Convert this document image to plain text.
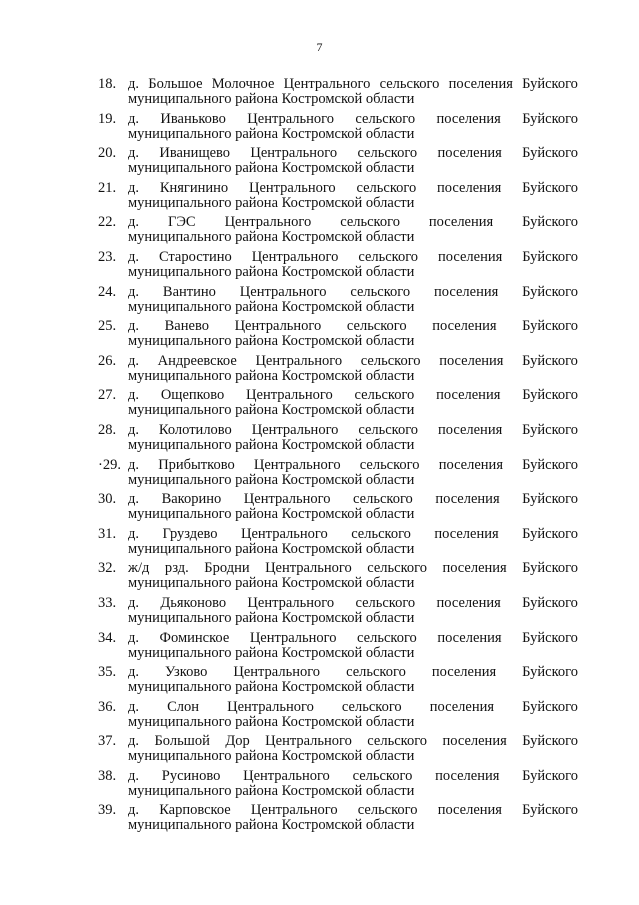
7
18. д. Большое Молочное Центрального сельского поселения Буйского
муниципального района Костромской области
19. д. Иваньково Центрального сельского поселения Буйского
муниципального района Костромской области
20. д. Иванищево Центрального сельского поселения Буйского
муниципального района Костромской области
21. д. Княгинино Центрального сельского поселения Буйского
муниципального района Костромской области
22. д. ГЭС Центрального сельского поселения Буйского
муниципального района Костромской области
23. д. Старостино Центрального сельского поселения Буйского
муниципального района Костромской области
24. д. Вантино Центрального сельского поселения Буйского
муниципального района Костромской области
25. д. Ванево Центрального сельского поселения Буйского
муниципального района Костромской области
26. д. Андреевское Центрального сельского поселения Буйского
муниципального района Костромской области
27. д. Ощепково Центрального сельского поселения Буйского
муниципального района Костромской области
28. д. Колотилово Центрального сельского поселения Буйского
муниципального района Костромской области
·29. д. Прибытково Центрального сельского поселения Буйского
муниципального района Костромской области
30. д. Вакорино Центрального сельского поселения Буйского
муниципального района Костромской области
31. д. Груздево Центрального сельского поселения Буйского
муниципального района Костромской области
32. ж/д рзд. Бродни Центрального сельского поселения Буйского
муниципального района Костромской области
33. д. Дьяконово Центрального сельского поселения Буйского
муниципального района Костромской области
34. д. Фоминское Центрального сельского поселения Буйского
муниципального района Костромской области
35. д. Узково Центрального сельского поселения Буйского
муниципального района Костромской области
36. д. Слон Центрального сельского поселения Буйского
муниципального района Костромской области
37. д. Большой Дор Центрального сельского поселения Буйского
муниципального района Костромской области
38. д. Русиново Центрального сельского поселения Буйского
муниципального района Костромской области
39. д. Карповское Центрального сельского поселения Буйского
муниципального района Костромской области
